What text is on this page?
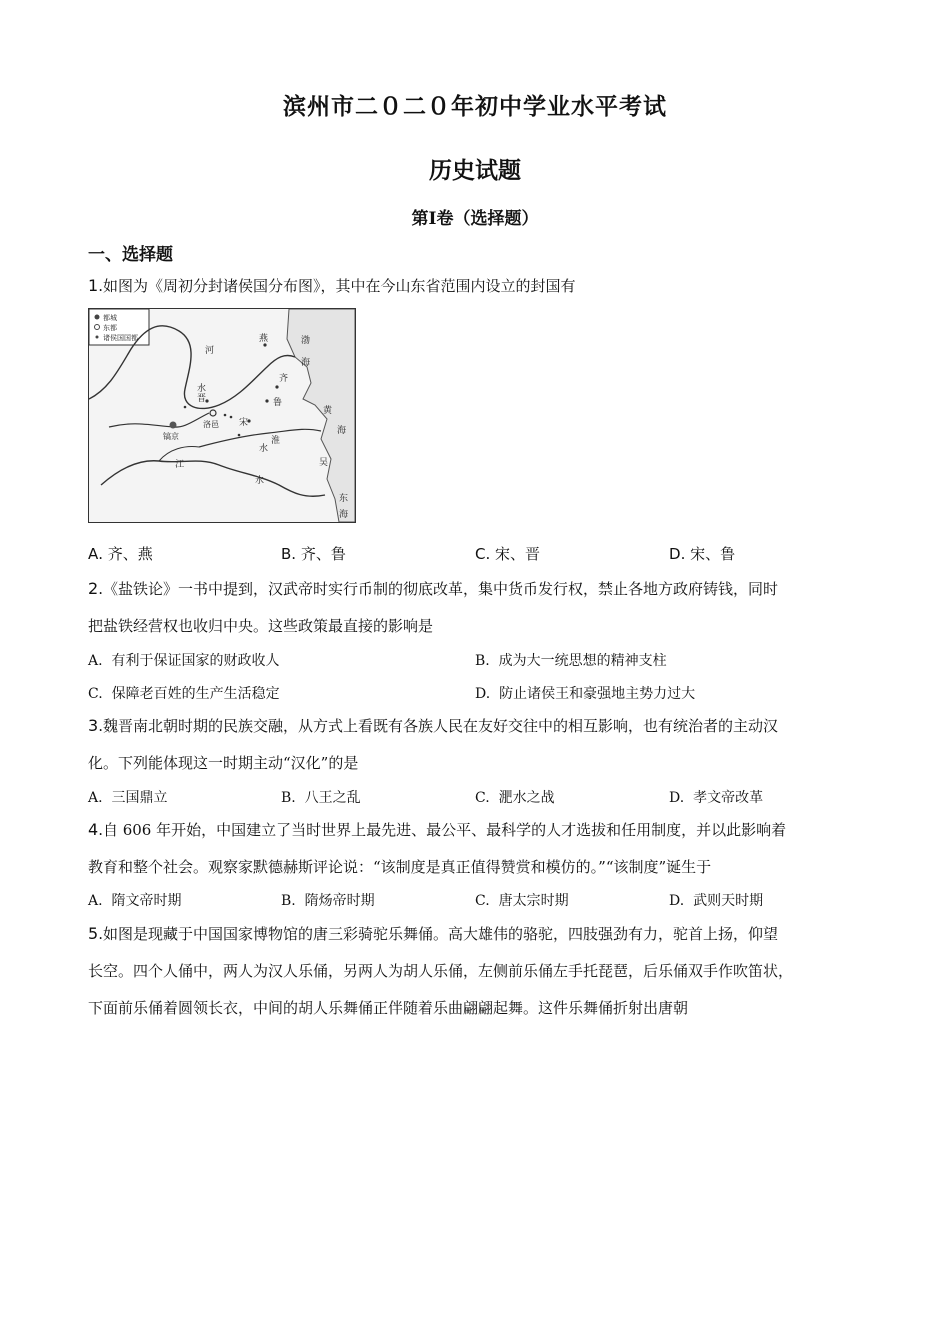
滨州市二０二０年初中学业水平考试
历史试题
第Ⅰ卷（选择题）
一、选择题
1.如图为《周初分封诸侯国分布图》，其中在今山东省范围内设立的封国有
都城
东都
诸侯国国都	燕
齐
鲁
宋
晋
镐京
洛邑
渤
海
黄
海
吴
东
海
河
水
淮
水
江
水
A. 齐、燕	B. 齐、鲁	C. 宋、晋	D. 宋、鲁
2.《盐铁论》一书中提到，汉武帝时实行币制的彻底改革，集中货币发行权，禁止各地方政府铸钱，同时
把盐铁经营权也收归中央。这些政策最直接的影响是
A. 有利于保证国家的财政收人	B. 成为大一统思想的精神支柱
C. 保障老百姓的生产生活稳定	D. 防止诸侯王和豪强地主势力过大
3.魏晋南北朝时期的民族交融，从方式上看既有各族人民在友好交往中的相互影响，也有统治者的主动汉
化。下列能体现这一时期主动“汉化”的是
A. 三国鼎立	B. 八王之乱	C. 淝水之战	D. 孝文帝改革
4.自 606 年开始，中国建立了当时世界上最先进、最公平、最科学的人才选拔和任用制度，并以此影响着
教育和整个社会。观察家默德赫斯评论说：“该制度是真正值得赞赏和模仿的。”“该制度”诞生于
A. 隋文帝时期	B. 隋炀帝时期	C. 唐太宗时期	D. 武则天时期
5.如图是现藏于中国国家博物馆的唐三彩骑驼乐舞俑。高大雄伟的骆驼，四肢强劲有力，驼首上扬，仰望
长空。四个人俑中，两人为汉人乐俑，另两人为胡人乐俑，左侧前乐俑左手托琵琶，后乐俑双手作吹笛状，
下面前乐俑着圆领长衣，中间的胡人乐舞俑正伴随着乐曲翩翩起舞。这件乐舞俑折射出唐朝
